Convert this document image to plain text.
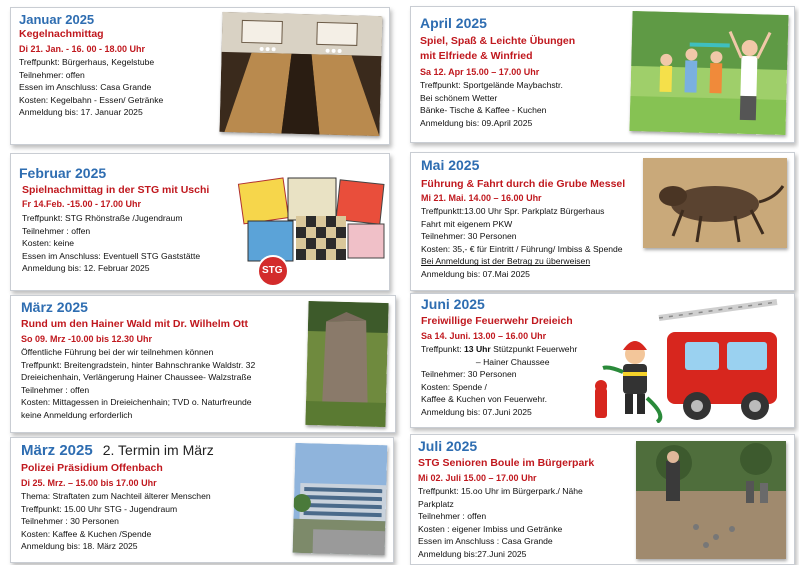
Januar 2025
Kegelnachmittag
Di 21. Jan. - 16. 00 - 18.00 Uhr
Treffpunkt: Bürgerhaus, Kegelstube
Teilnehmer: offen
Essen im Anschluss: Casa Grande
Kosten: Kegelbahn - Essen/ Getränke
Anmeldung bis: 17. Januar 2025
Februar 2025
Spielnachmittag in der STG mit Uschi
Fr 14.Feb. -15.00 - 17.00 Uhr
Treffpunkt: STG Rhönstraße /Jugendraum
Teilnehmer : offen
Kosten: keine
Essen im Anschluss: Eventuell STG Gaststätte
Anmeldung bis: 12. Februar 2025	STG
März 2025
Rund um den Hainer Wald mit Dr. Wilhelm Ott
So 09. Mrz -10.00 bis 12.30 Uhr
Öffentliche Führung bei der wir teilnehmen können
Treffpunkt: Breitengradstein, hinter Bahnschranke Waldstr. 32
Dreieichenhain, Verlängerung Hainer Chaussee- Walzstraße
Teilnehmer : offen
Kosten: Mittagessen in Dreieichenhain; TVD o. Naturfreunde
keine Anmeldung erforderlich
März 2025 2. Termin im März
Polizei Präsidium Offenbach
Di 25. Mrz. – 15.00 bis 17.00 Uhr
Thema: Straftaten zum Nachteil älterer Menschen
Treffpunkt: 15.00 Uhr STG - Jugendraum
Teilnehmer : 30 Personen
Kosten: Kaffee & Kuchen /Spende
Anmeldung bis: 18. März 2025
April 2025
Spiel, Spaß & Leichte Übungen
mit Elfriede & Winfried
Sa 12. Apr 15.00 – 17.00 Uhr
Treffpunkt: Sportgelände Maybachstr.
Bei schönem Wetter
Bänke- Tische & Kaffee - Kuchen
Anmeldung bis: 09.April 2025
Mai 2025
Führung & Fahrt durch die Grube Messel
Mi 21. Mai. 14.00 – 16.00 Uhr
Treffpunktt:13.00 Uhr Spr. Parkplatz Bürgerhaus
Fahrt mit eigenem PKW
Teilnehmer: 30 Personen
Kosten: 35,- € für Eintritt / Führung/ Imbiss & Spende
Bei Anmeldung ist der Betrag zu überweisen
Anmeldung bis: 07.Mai 2025
Juni 2025
Freiwillige Feuerwehr Dreieich
Sa 14. Juni. 13.00 – 16.00 Uhr
Treffpunkt: 13 Uhr Stützpunkt Feuerwehr
– Hainer Chaussee
Teilnehmer: 30 Personen
Kosten: Spende /
Kaffee & Kuchen von Feuerwehr.
Anmeldung bis: 07.Juni 2025
Juli 2025
STG Senioren Boule im Bürgerpark
Mi 02. Juli 15.00 – 17.00 Uhr
Treffpunkt: 15.oo Uhr im Bürgerpark./ Nähe
Parkplatz
Teilnehmer : offen
Kosten : eigener Imbiss und Getränke
Essen im Anschluss : Casa Grande
Anmeldung bis:27.Juni 2025
